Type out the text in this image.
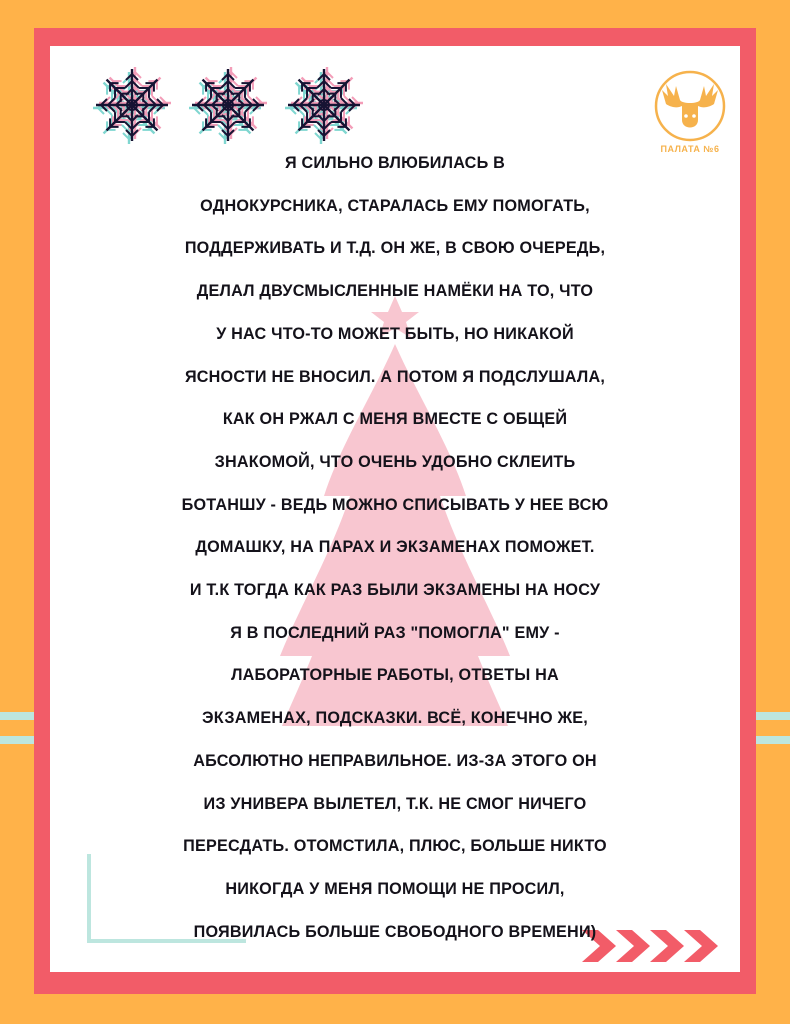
ПАЛАТА №6

Я СИЛЬНО ВЛЮБИЛАСЬ В
ОДНОКУРСНИКА, СТАРАЛАСЬ ЕМУ ПОМОГАТЬ,
ПОДДЕРЖИВАТЬ И Т.Д. ОН ЖЕ, В СВОЮ ОЧЕРЕДЬ,
ДЕЛАЛ ДВУСМЫСЛЕННЫЕ НАМЁКИ НА ТО, ЧТО
У НАС ЧТО-ТО МОЖЕТ БЫТЬ, НО НИКАКОЙ
ЯСНОСТИ НЕ ВНОСИЛ. А ПОТОМ Я ПОДСЛУШАЛА,
КАК ОН РЖАЛ С МЕНЯ ВМЕСТЕ С ОБЩЕЙ
ЗНАКОМОЙ, ЧТО ОЧЕНЬ УДОБНО СКЛЕИТЬ
БОТАНШУ - ВЕДЬ МОЖНО СПИСЫВАТЬ У НЕЕ ВСЮ
ДОМАШКУ, НА ПАРАХ И ЭКЗАМЕНАХ ПОМОЖЕТ.
И Т.К ТОГДА КАК РАЗ БЫЛИ ЭКЗАМЕНЫ НА НОСУ
Я В ПОСЛЕДНИЙ РАЗ "ПОМОГЛА" ЕМУ -
ЛАБОРАТОРНЫЕ РАБОТЫ, ОТВЕТЫ НА
ЭКЗАМЕНАХ, ПОДСКАЗКИ. ВСЁ, КОНЕЧНО ЖЕ,
АБСОЛЮТНО НЕПРАВИЛЬНОЕ. ИЗ-ЗА ЭТОГО ОН
ИЗ УНИВЕРА ВЫЛЕТЕЛ, Т.К. НЕ СМОГ НИЧЕГО
ПЕРЕСДАТЬ. ОТОМСТИЛА, ПЛЮС, БОЛЬШЕ НИКТО
НИКОГДА У МЕНЯ ПОМОЩИ НЕ ПРОСИЛ,
ПОЯВИЛАСЬ БОЛЬШЕ СВОБОДНОГО ВРЕМЕНИ)
